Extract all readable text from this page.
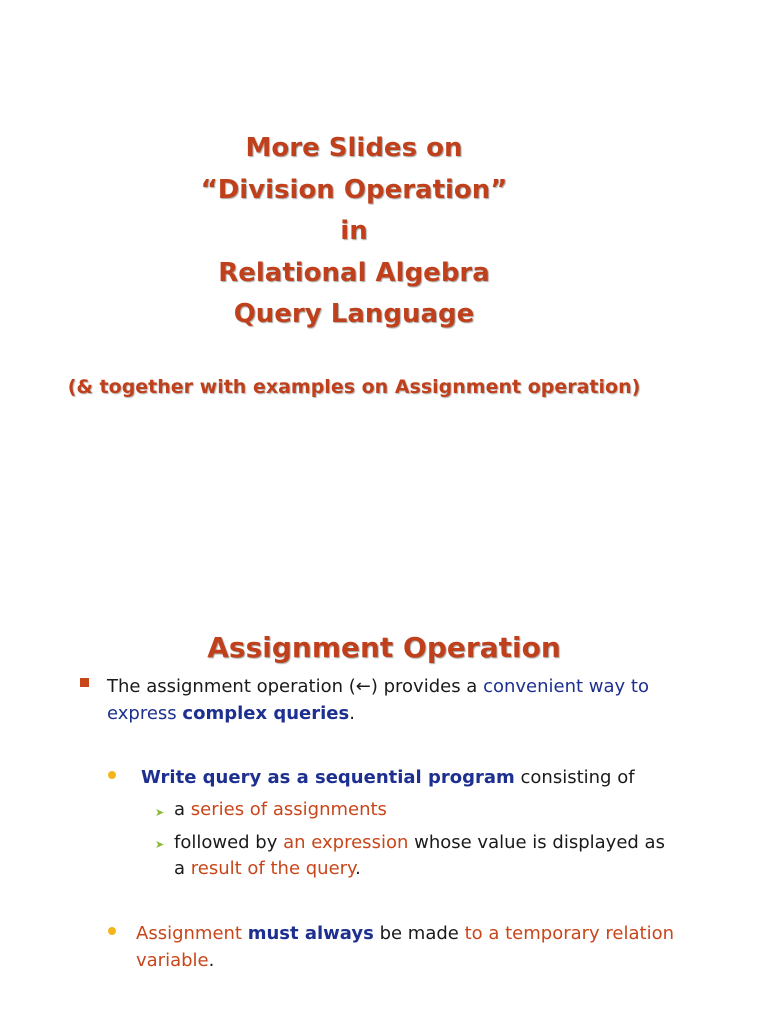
More Slides on
“Division Operation”
in
Relational Algebra
Query Language
(& together with examples on Assignment operation)
Assignment Operation
The assignment operation (←) provides a convenient way to
express complex queries.
Write query as a sequential program consisting of
➤ a series of assignments
➤ followed by an expression whose value is displayed as
a result of the query.
Assignment must always be made to a temporary relation
variable.
